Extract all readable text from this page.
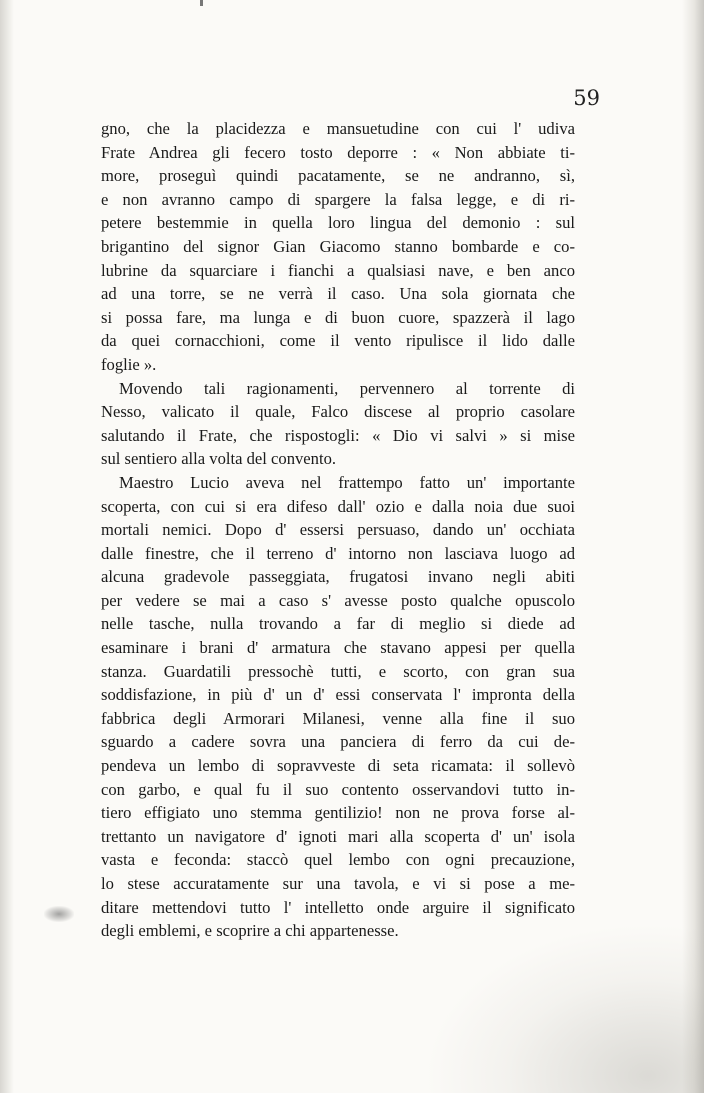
59
gno, che la placidezza e mansuetudine con cui l' udiva
Frate Andrea gli fecero tosto deporre : « Non abbiate ti-
more, proseguì quindi pacatamente, se ne andranno, sì,
e non avranno campo di spargere la falsa legge, e di ri-
petere bestemmie in quella loro lingua del demonio : sul
brigantino del signor Gian Giacomo stanno bombarde e co-
lubrine da squarciare i fianchi a qualsiasi nave, e ben anco
ad una torre, se ne verrà il caso. Una sola giornata che
si possa fare, ma lunga e di buon cuore, spazzerà il lago
da quei cornacchioni, come il vento ripulisce il lido dalle
foglie ».
Movendo tali ragionamenti, pervennero al torrente di
Nesso, valicato il quale, Falco discese al proprio casolare
salutando il Frate, che rispostogli: « Dio vi salvi » si mise
sul sentiero alla volta del convento.
Maestro Lucio aveva nel frattempo fatto un' importante
scoperta, con cui si era difeso dall' ozio e dalla noia due suoi
mortali nemici. Dopo d' essersi persuaso, dando un' occhiata
dalle finestre, che il terreno d' intorno non lasciava luogo ad
alcuna gradevole passeggiata, frugatosi invano negli abiti
per vedere se mai a caso s' avesse posto qualche opuscolo
nelle tasche, nulla trovando a far di meglio si diede ad
esaminare i brani d' armatura che stavano appesi per quella
stanza. Guardatili pressochè tutti, e scorto, con gran sua
soddisfazione, in più d' un d' essi conservata l' impronta della
fabbrica degli Armorari Milanesi, venne alla fine il suo
sguardo a cadere sovra una panciera di ferro da cui de-
pendeva un lembo di sopravveste di seta ricamata: il sollevò
con garbo, e qual fu il suo contento osservandovi tutto in-
tiero effigiato uno stemma gentilizio! non ne prova forse al-
trettanto un navigatore d' ignoti mari alla scoperta d' un' isola
vasta e feconda: staccò quel lembo con ogni precauzione,
lo stese accuratamente sur una tavola, e vi si pose a me-
ditare mettendovi tutto l' intelletto onde arguire il significato
degli emblemi, e scoprire a chi appartenesse.
